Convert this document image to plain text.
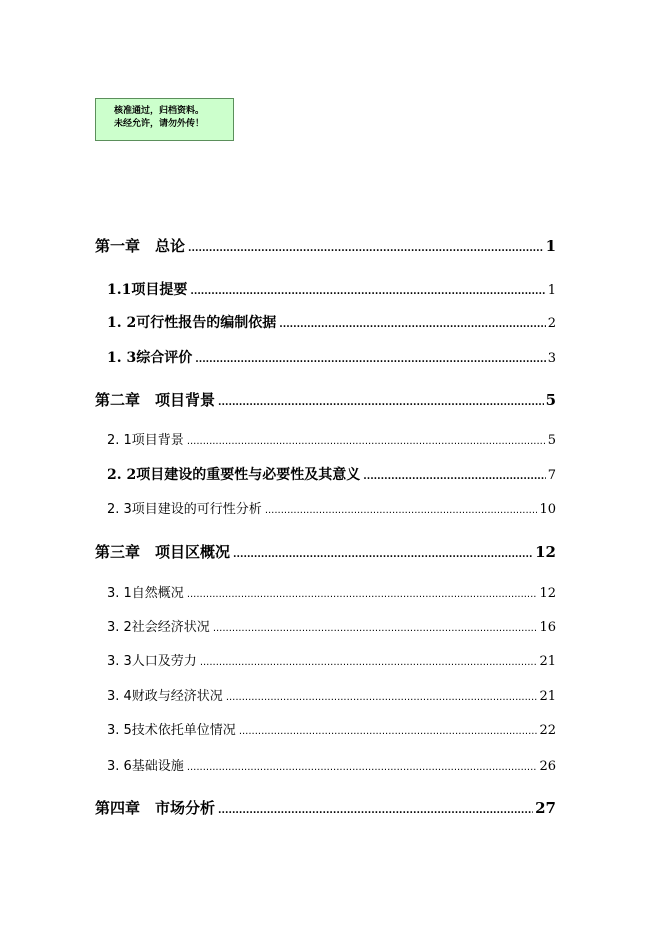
核准通过，归档资料。
未经允许，请勿外传！
第一章　总论 .....	1
1.1项目提要 .....	1
1. 2可行性报告的编制依据 .....	2
1. 3综合评价 .....	3
第二章　项目背景 .....	5
2. 1项目背景 .....	5
2. 2项目建设的重要性与必要性及其意义 .....	7
2. 3项目建设的可行性分析 .....	10
第三章　项目区概况 .....	12
3. 1自然概况 .....	12
3. 2社会经济状况 .....	16
3. 3人口及劳力 .....	21
3. 4财政与经济状况 .....	21
3. 5技术依托单位情况 .....	22
3. 6基础设施 .....	26
第四章　市场分析 .....	27
